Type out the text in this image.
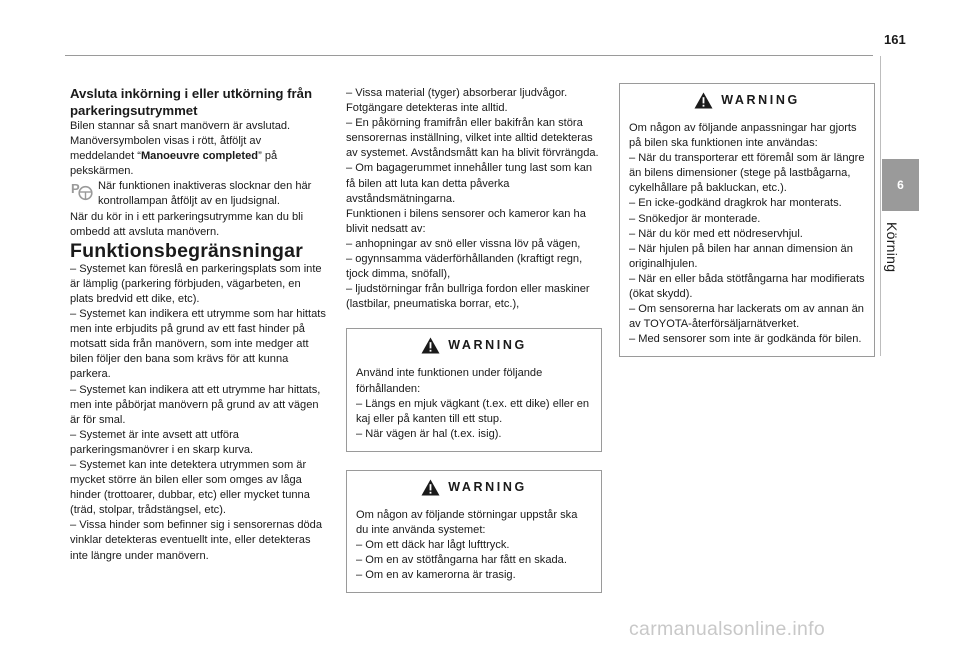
161
6
Körning

Avsluta inkörning i eller utkörning från parkeringsutrymmet

Bilen stannar så snart manövern är avslutad. Manöversymbolen visas i rött, åtföljt av meddelandet “Manoeuvre completed” på pekskärmen.

P När funktionen inaktiveras slocknar den här kontrollampan åtföljt av en ljudsignal.

När du kör in i ett parkeringsutrymme kan du bli ombedd att avsluta manövern.

Funktionsbegränsningar

– Systemet kan föreslå en parkeringsplats som inte är lämplig (parkering förbjuden, vägarbeten, en plats bredvid ett dike, etc).

– Systemet kan indikera ett utrymme som har hittats men inte erbjudits på grund av ett fast hinder på motsatt sida från manövern, som inte medger att bilen följer den bana som krävs för att kunna parkera.

– Systemet kan indikera att ett utrymme har hittats, men inte påbörjat manövern på grund av att vägen är för smal.

– Systemet är inte avsett att utföra parkeringsmanövrer i en skarp kurva.

– Systemet kan inte detektera utrymmen som är mycket större än bilen eller som omges av låga hinder (trottoarer, dubbar, etc) eller mycket tunna (träd, stolpar, trådstängsel, etc).

– Vissa hinder som befinner sig i sensorernas döda vinklar detekteras eventuellt inte, eller detekteras inte längre under manövern.

– Vissa material (tyger) absorberar ljudvågor. Fotgängare detekteras inte alltid.

– En påkörning framifrån eller bakifrån kan störa sensorernas inställning, vilket inte alltid detekteras av systemet. Avståndsmått kan ha blivit förvrängda.

– Om bagagerummet innehåller tung last som kan få bilen att luta kan detta påverka avståndsmätningarna.

Funktionen i bilens sensorer och kameror kan ha blivit nedsatt av:

– anhopningar av snö eller vissna löv på vägen,

– ogynnsamma väderförhållanden (kraftigt regn, tjock dimma, snöfall),

– ljudstörningar från bullriga fordon eller maskiner (lastbilar, pneumatiska borrar, etc.),

WARNING

Använd inte funktionen under följande förhållanden:

– Längs en mjuk vägkant (t.ex. ett dike) eller en kaj eller på kanten till ett stup.

– När vägen är hal (t.ex. isig).

WARNING

Om någon av följande störningar uppstår ska du inte använda systemet:

– Om ett däck har lågt lufttryck.

– Om en av stötfångarna har fått en skada.

– Om en av kamerorna är trasig.

WARNING

Om någon av följande anpassningar har gjorts på bilen ska funktionen inte användas:

– När du transporterar ett föremål som är längre än bilens dimensioner (stege på lastbågarna, cykelhållare på bakluckan, etc.).

– En icke-godkänd dragkrok har monterats.

– Snökedjor är monterade.

– När du kör med ett nödreservhjul.

– När hjulen på bilen har annan dimension än originalhjulen.

– När en eller båda stötfångarna har modifierats (ökat skydd).

– Om sensorerna har lackerats om av annan än av TOYOTA-återförsäljarnätverket.

– Med sensorer som inte är godkända för bilen.

carmanualsonline.info
